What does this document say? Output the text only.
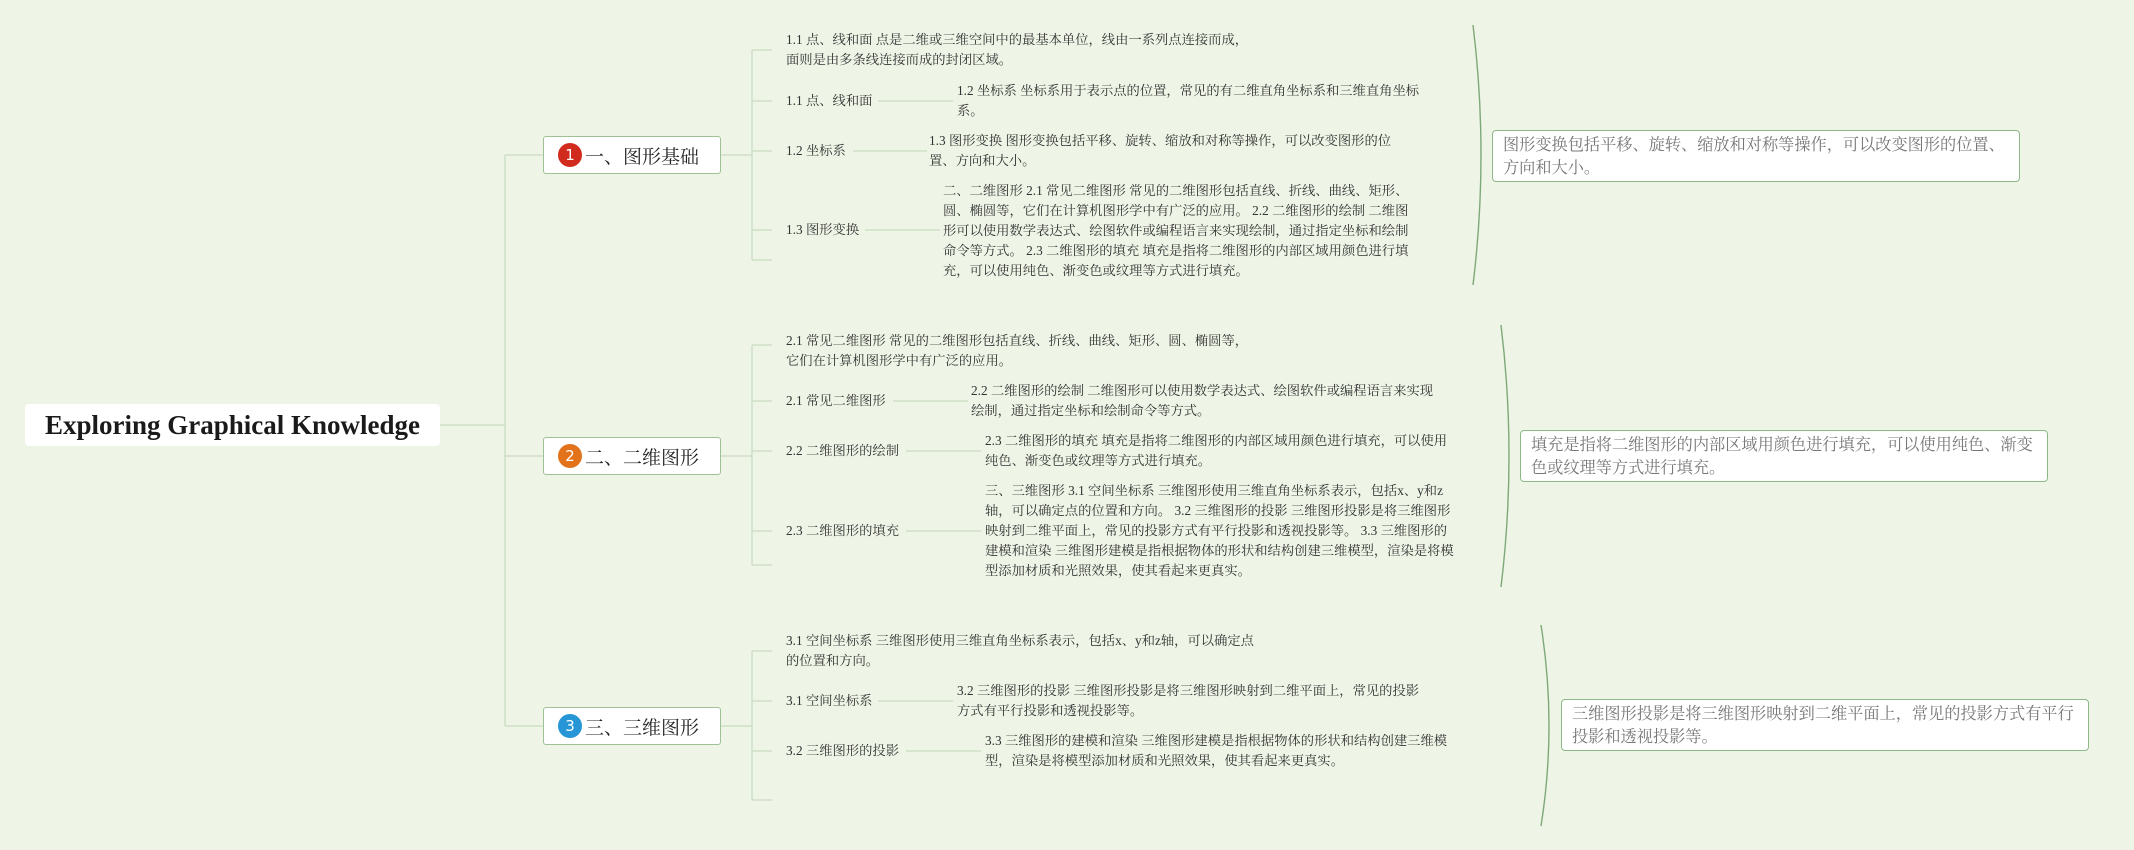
Exploring Graphical Knowledge
1 一、图形基础
1.1 点、线和面 点是二维或三维空间中的最基本单位，线由一系列点连接而成，
面则是由多条线连接而成的封闭区域。
1.1 点、线和面
1.2 坐标系
1.3 图形变换
1.2 坐标系 坐标系用于表示点的位置，常见的有二维直角坐标系和三维直角坐标
系。
1.3 图形变换 图形变换包括平移、旋转、缩放和对称等操作，可以改变图形的位
置、方向和大小。
二、二维图形 2.1 常见二维图形 常见的二维图形包括直线、折线、曲线、矩形、
圆、椭圆等，它们在计算机图形学中有广泛的应用。 2.2 二维图形的绘制 二维图
形可以使用数学表达式、绘图软件或编程语言来实现绘制，通过指定坐标和绘制
命令等方式。 2.3 二维图形的填充 填充是指将二维图形的内部区域用颜色进行填
充，可以使用纯色、渐变色或纹理等方式进行填充。
图形变换包括平移、旋转、缩放和对称等操作，可以改变图形的位置、
方向和大小。
2 二、二维图形
2.1 常见二维图形 常见的二维图形包括直线、折线、曲线、矩形、圆、椭圆等，
它们在计算机图形学中有广泛的应用。
2.1 常见二维图形
2.2 二维图形的绘制
2.3 二维图形的填充
2.2 二维图形的绘制 二维图形可以使用数学表达式、绘图软件或编程语言来实现
绘制，通过指定坐标和绘制命令等方式。
2.3 二维图形的填充 填充是指将二维图形的内部区域用颜色进行填充，可以使用
纯色、渐变色或纹理等方式进行填充。
三、三维图形 3.1 空间坐标系 三维图形使用三维直角坐标系表示，包括x、y和z
轴，可以确定点的位置和方向。 3.2 三维图形的投影 三维图形投影是将三维图形
映射到二维平面上，常见的投影方式有平行投影和透视投影等。 3.3 三维图形的
建模和渲染 三维图形建模是指根据物体的形状和结构创建三维模型，渲染是将模
型添加材质和光照效果，使其看起来更真实。
填充是指将二维图形的内部区域用颜色进行填充，可以使用纯色、渐变
色或纹理等方式进行填充。
3 三、三维图形
3.1 空间坐标系 三维图形使用三维直角坐标系表示，包括x、y和z轴，可以确定点
的位置和方向。
3.1 空间坐标系
3.2 三维图形的投影
3.2 三维图形的投影 三维图形投影是将三维图形映射到二维平面上，常见的投影
方式有平行投影和透视投影等。
3.3 三维图形的建模和渲染 三维图形建模是指根据物体的形状和结构创建三维模
型，渲染是将模型添加材质和光照效果，使其看起来更真实。
三维图形投影是将三维图形映射到二维平面上，常见的投影方式有平行
投影和透视投影等。
